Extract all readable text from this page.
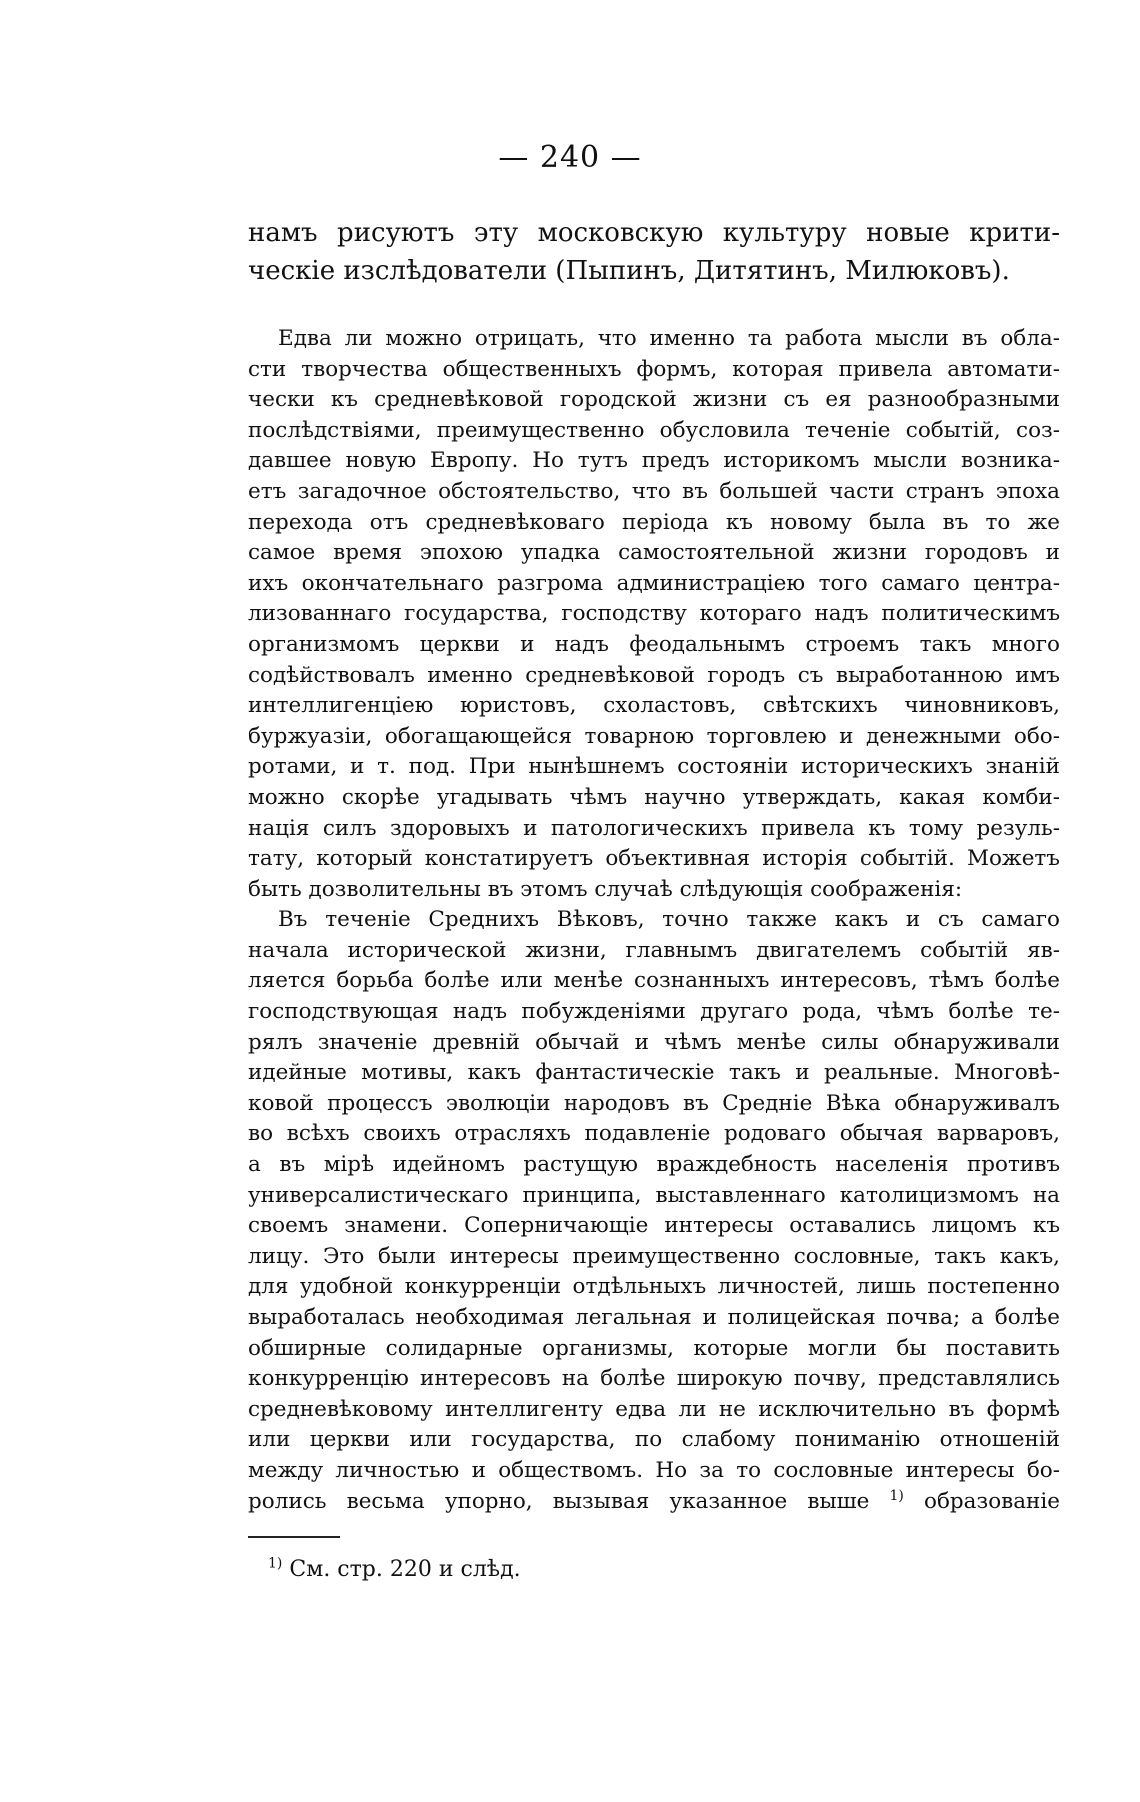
— 240 —
намъ рисуютъ эту московскую культуру новые крити-
ческіе изслѣдователи (Пыпинъ, Дитятинъ, Милюковъ).
Едва ли можно отрицать, что именно та работа мысли въ обла-
сти творчества общественныхъ формъ, которая привела автомати-
чески къ средневѣковой городской жизни съ ея разнообразными
послѣдствіями, преимущественно обусловила теченіе событій, соз-
давшее новую Европу. Но тутъ предъ историкомъ мысли возника-
етъ загадочное обстоятельство, что въ большей части странъ эпоха
перехода отъ средневѣковаго періода къ новому была въ то же
самое время эпохою упадка самостоятельной жизни городовъ и
ихъ окончательнаго разгрома администраціею того самаго центра-
лизованнаго государства, господству котораго надъ политическимъ
организмомъ церкви и надъ феодальнымъ строемъ такъ много
содѣйствовалъ именно средневѣковой городъ съ выработанною имъ
интеллигенціею юристовъ, схоластовъ, свѣтскихъ чиновниковъ,
буржуазіи, обогащающейся товарною торговлею и денежными обо-
ротами, и т. под. При нынѣшнемъ состояніи историческихъ знаній
можно скорѣе угадывать чѣмъ научно утверждать, какая комби-
нація силъ здоровыхъ и патологическихъ привела къ тому резуль-
тату, который констатируетъ объективная исторія событій. Можетъ
быть дозволительны въ этомъ случаѣ слѣдующія соображенія:
Въ теченіе Среднихъ Вѣковъ, точно также какъ и съ самаго
начала исторической жизни, главнымъ двигателемъ событій яв-
ляется борьба болѣе или менѣе сознанныхъ интересовъ, тѣмъ болѣе
господствующая надъ побужденіями другаго рода, чѣмъ болѣе те-
рялъ значеніе древній обычай и чѣмъ менѣе силы обнаруживали
идейные мотивы, какъ фантастическіе такъ и реальные. Многовѣ-
ковой процессъ эволюціи народовъ въ Средніе Вѣка обнаруживалъ
во всѣхъ своихъ отрасляхъ подавленіе родоваго обычая варваровъ,
а въ мірѣ идейномъ растущую враждебность населенія противъ
универсалистическаго принципа, выставленнаго католицизмомъ на
своемъ знамени. Соперничающіе интересы оставались лицомъ къ
лицу. Это были интересы преимущественно сословные, такъ какъ,
для удобной конкурренціи отдѣльныхъ личностей, лишь постепенно
выработалась необходимая легальная и полицейская почва; а болѣе
обширные солидарные организмы, которые могли бы поставить
конкурренцію интересовъ на болѣе широкую почву, представлялись
средневѣковому интеллигенту едва ли не исключительно въ формѣ
или церкви или государства, по слабому пониманію отношеній
между личностью и обществомъ. Но за то сословные интересы бо-
ролись весьма упорно, вызывая указанное выше $^{1)}$ образованіе
$^{1)}$ См. стр. 220 и слѣд.
